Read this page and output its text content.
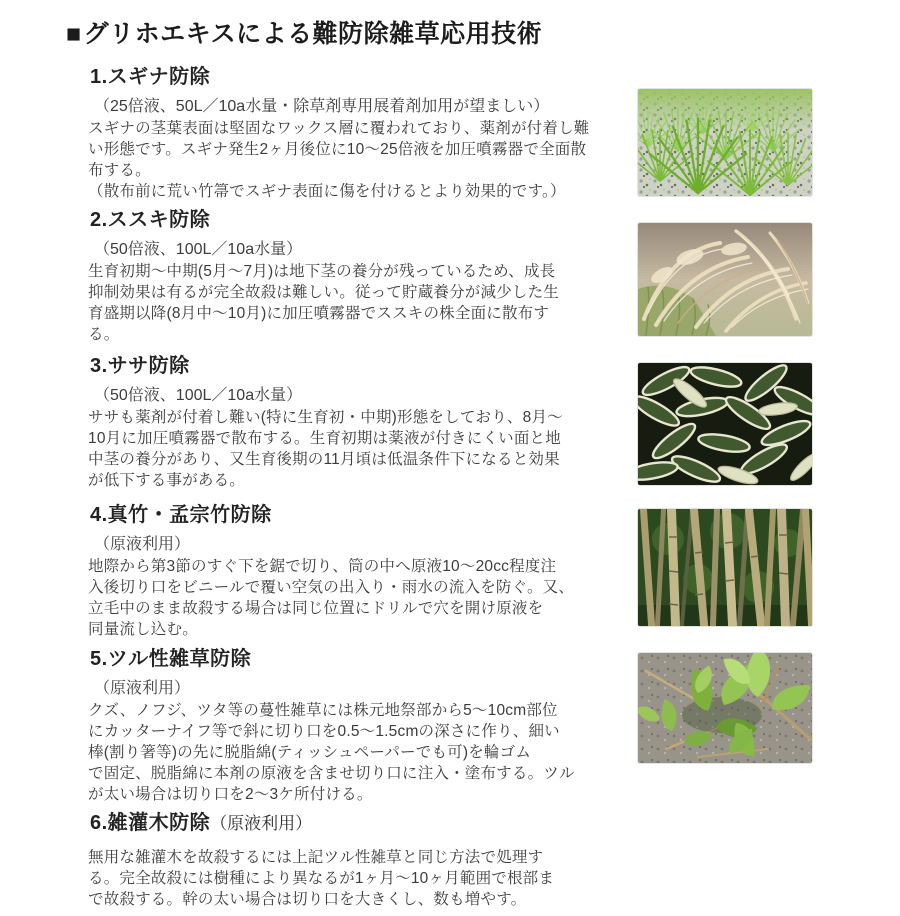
■グリホエキスによる難防除雑草応用技術
1.スギナ防除
（25倍液、50L／10a水量・除草剤専用展着剤加用が望ましい）
スギナの茎葉表面は堅固なワックス層に覆われており、薬剤が付着し難
い形態です。スギナ発生2ヶ月後位に10～25倍液を加圧噴霧器で全面散
布する。
（散布前に荒い竹箒でスギナ表面に傷を付けるとより効果的です。）
2.ススキ防除
（50倍液、100L／10a水量）
生育初期～中期(5月～7月)は地下茎の養分が残っているため、成長
抑制効果は有るが完全故殺は難しい。従って貯蔵養分が減少した生
育盛期以降(8月中～10月)に加圧噴霧器でススキの株全面に散布す
る。
3.ササ防除
（50倍液、100L／10a水量）
ササも薬剤が付着し難い(特に生育初・中期)形態をしており、8月～
10月に加圧噴霧器で散布する。生育初期は薬液が付きにくい面と地
中茎の養分があり、又生育後期の11月頃は低温条件下になると効果
が低下する事がある。
4.真竹・孟宗竹防除
（原液利用）
地際から第3節のすぐ下を鋸で切り、筒の中へ原液10～20cc程度注
入後切り口をビニールで覆い空気の出入り・雨水の流入を防ぐ。又、
立毛中のまま故殺する場合は同じ位置にドリルで穴を開け原液を
同量流し込む。
5.ツル性雑草防除
（原液利用）
クズ、ノフジ、ツタ等の蔓性雑草には株元地祭部から5～10cm部位
にカッターナイフ等で斜に切り口を0.5～1.5cmの深さに作り、細い
棒(割り箸等)の先に脱脂綿(ティッシュペーパーでも可)を輪ゴム
で固定、脱脂綿に本剤の原液を含ませ切り口に注入・塗布する。ツル
が太い場合は切り口を2～3ケ所付ける。
6.雑灌木防除（原液利用）
無用な雑灌木を故殺するには上記ツル性雑草と同じ方法で処理す
る。完全故殺には樹種により異なるが1ヶ月～10ヶ月範囲で根部ま
で故殺する。幹の太い場合は切り口を大きくし、数も増やす。
